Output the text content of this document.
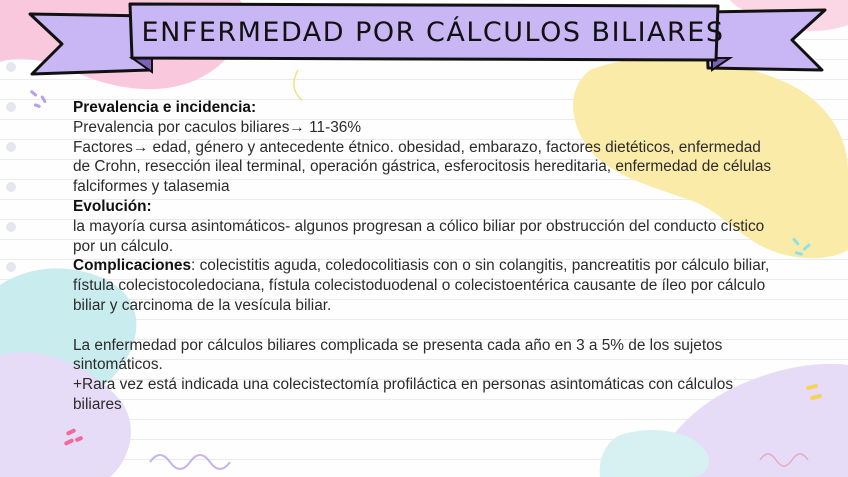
ENFERMEDAD POR CÁLCULOS BILIARES

Prevalencia e incidencia:

Prevalencia por caculos biliares→ 11-36%

Factores→ edad, género y antecedente étnico. obesidad, embarazo, factores dietéticos, enfermedad de Crohn, resección ileal terminal, operación gástrica, esferocitosis hereditaria, enfermedad de células falciformes y talasemia

Evolución:

la mayoría cursa asintomáticos- algunos progresan a cólico biliar por obstrucción del conducto cístico por un cálculo.

Complicaciones: colecistitis aguda, coledocolitiasis con o sin colangitis, pancreatitis por cálculo biliar, fístula colecistocoledociana, fístula colecistoduodenal o colecistoentérica causante de íleo por cálculo biliar y carcinoma de la vesícula biliar.

La enfermedad por cálculos biliares complicada se presenta cada año en 3 a 5% de los sujetos sintomáticos.

+Rara vez está indicada una colecistectomía profiláctica en personas asintomáticas con cálculos biliares
